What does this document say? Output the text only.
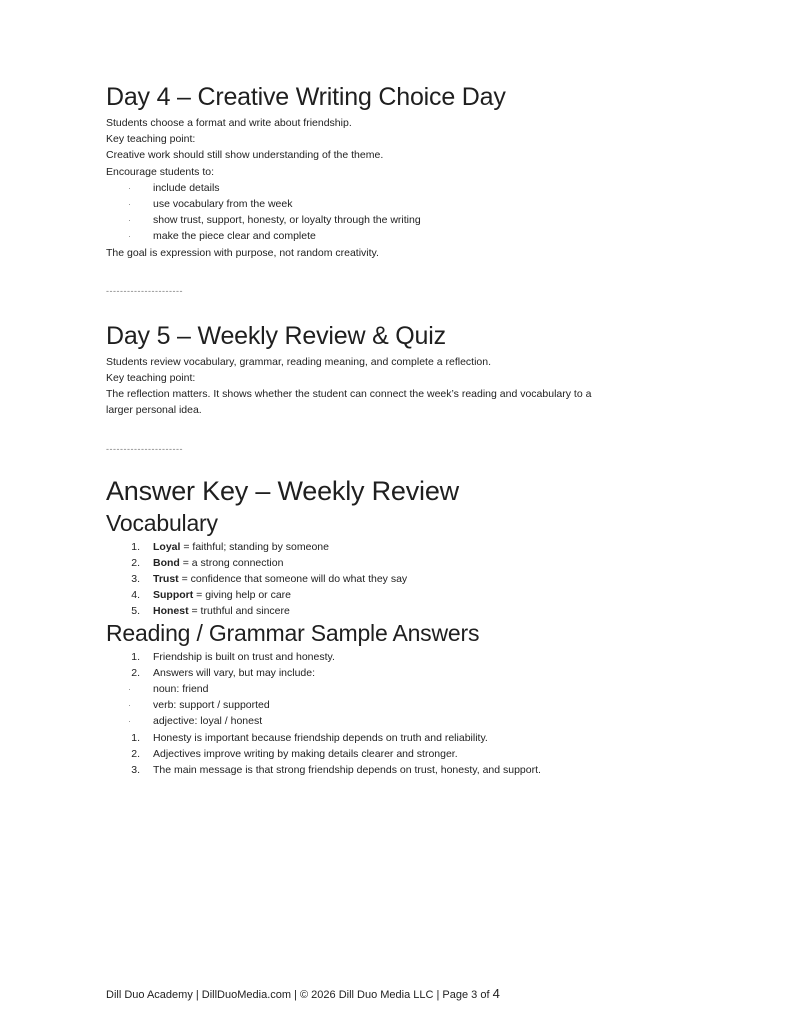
Day 4 – Creative Writing Choice Day

Students choose a format and write about friendship.

Key teaching point:

Creative work should still show understanding of the theme.

Encourage students to:

· include details
· use vocabulary from the week
· show trust, support, honesty, or loyalty through the writing
· make the piece clear and complete

The goal is expression with purpose, not random creativity.

----------------------
Day 5 – Weekly Review & Quiz

Students review vocabulary, grammar, reading meaning, and complete a reflection.

Key teaching point:

The reflection matters. It shows whether the student can connect the week’s reading and vocabulary to a

larger personal idea.

----------------------
Answer Key – Weekly Review
Vocabulary
1 . Loyal = faithful; standing by someone
2 . Bond = a strong connection
3 . Trust = confidence that someone will do what they say
4 . Support = giving help or care
5 . Honest = truthful and sincere
Reading / Grammar Sample Answers
1 . Friendship is built on trust and honesty.
2 . Answers will vary, but may include:
· noun: friend
· verb: support / supported
· adjective: loyal / honest
1 . Honesty is important because friendship depends on truth and reliability.
2 . Adjectives improve writing by making details clearer and stronger.
3 . The main message is that strong friendship depends on trust, honesty, and support.
Dill Duo Academy | DillDuoMedia.com | © 2026 Dill Duo Media LLC | Page 3 of 4
